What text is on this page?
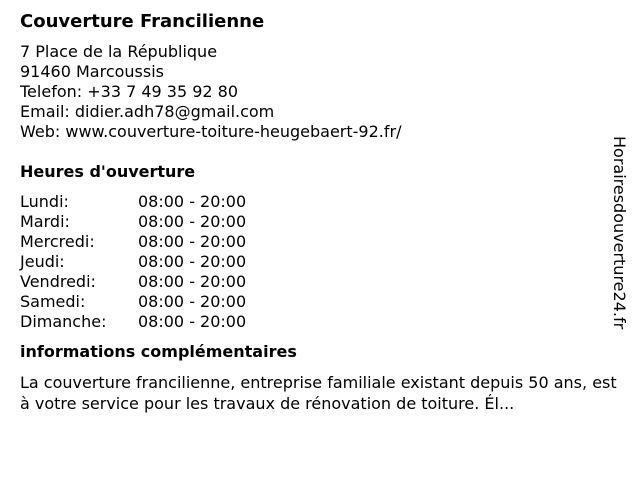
Couverture Francilienne
7 Place de la République
91460 Marcoussis
Telefon: +33 7 49 35 92 80
Email: didier.adh78@gmail.com
Web: www.couverture-toiture-heugebaert-92.fr/
Heures d'ouverture
Lundi:	08:00 - 20:00
Mardi:	08:00 - 20:00
Mercredi:	08:00 - 20:00
Jeudi:	08:00 - 20:00
Vendredi:	08:00 - 20:00
Samedi:	08:00 - 20:00
Dimanche:	08:00 - 20:00
informations complémentaires
La couverture francilienne, entreprise familiale existant depuis 50 ans, est à votre service pour les travaux de rénovation de toiture. Él...
Horairesdouverture24.fr
